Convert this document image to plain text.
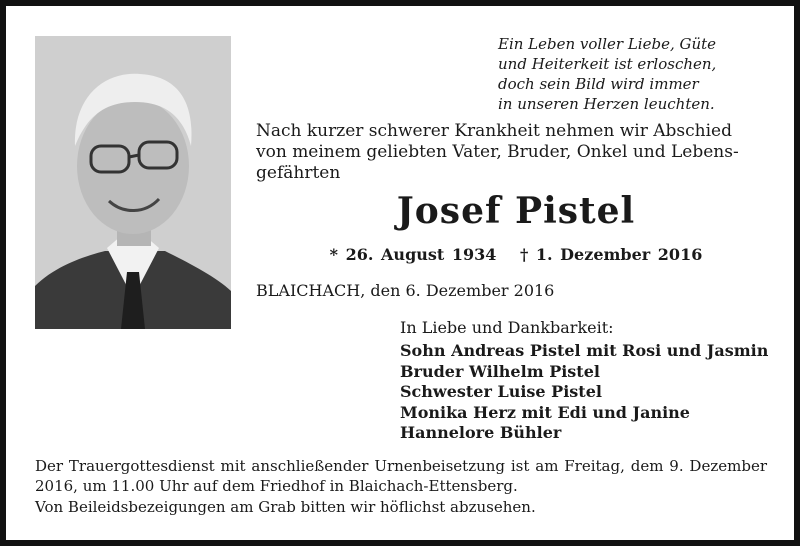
Ein Leben voller Liebe, Güte
und Heiterkeit ist erloschen,
doch sein Bild wird immer
in unseren Herzen leuchten.
Nach kurzer schwerer Krankheit nehmen wir Abschied
von meinem geliebten Vater, Bruder, Onkel und Lebens-
gefährten
Josef Pistel
* 26. August 1934 † 1. Dezember 2016
BLAICHACH, den 6. Dezember 2016
In Liebe und Dankbarkeit:
Sohn Andreas Pistel mit Rosi und Jasmin
Bruder Wilhelm Pistel
Schwester Luise Pistel
Monika Herz mit Edi und Janine
Hannelore Bühler
Der Trauergottesdienst mit anschließender Urnenbeisetzung ist am Freitag, dem 9. Dezember 2016, um 11.00 Uhr auf dem Friedhof in Blaichach-Ettensberg.
Von Beileidsbezeigungen am Grab bitten wir höflichst abzusehen.
